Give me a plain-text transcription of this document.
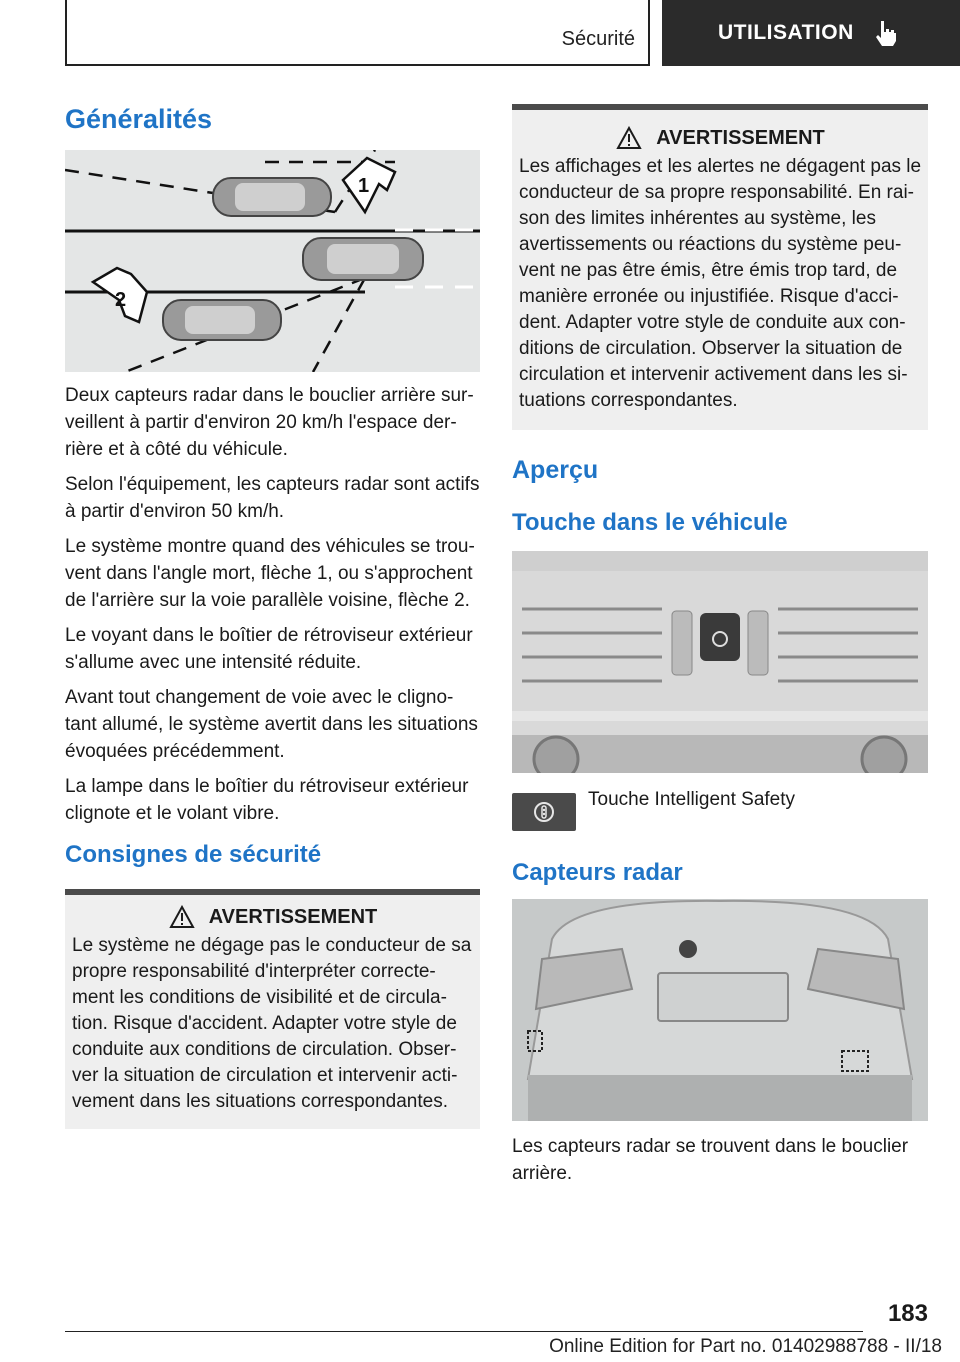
Sécurité	UTILISATION
Généralités
1
2

Deux capteurs radar dans le bouclier arrière sur-veillent à partir d'environ 20 km/h l'espace der-rière et à côté du véhicule.

Selon l'équipement, les capteurs radar sont actifs à partir d'environ 50 km/h.

Le système montre quand des véhicules se trou-vent dans l'angle mort, flèche 1, ou s'approchent de l'arrière sur la voie parallèle voisine, flèche 2.

Le voyant dans le boîtier de rétroviseur extérieur s'allume avec une intensité réduite.

Avant tout changement de voie avec le cligno-tant allumé, le système avertit dans les situations évoquées précédemment.

La lampe dans le boîtier du rétroviseur extérieur clignote et le volant vibre.

Consignes de sécurité
AVERTISSEMENT
Le système ne dégage pas le conducteur de sa propre responsabilité d'interpréter correcte-ment les conditions de visibilité et de circula-tion. Risque d'accident. Adapter votre style de conduite aux conditions de circulation. Obser-ver la situation de circulation et intervenir acti-vement dans les situations correspondantes.
AVERTISSEMENT
Les affichages et les alertes ne dégagent pas le conducteur de sa propre responsabilité. En rai-son des limites inhérentes au système, les avertissements ou réactions du système peu-vent ne pas être émis, être émis trop tard, de manière erronée ou injustifiée. Risque d'acci-dent. Adapter votre style de conduite aux con-ditions de circulation. Observer la situation de circulation et intervenir activement dans les si-tuations correspondantes.
Aperçu
Touche dans le véhicule
Touche Intelligent Safety
Capteurs radar

Les capteurs radar se trouvent dans le bouclier arrière.

183
Online Edition for Part no. 01402988788 - II/18
